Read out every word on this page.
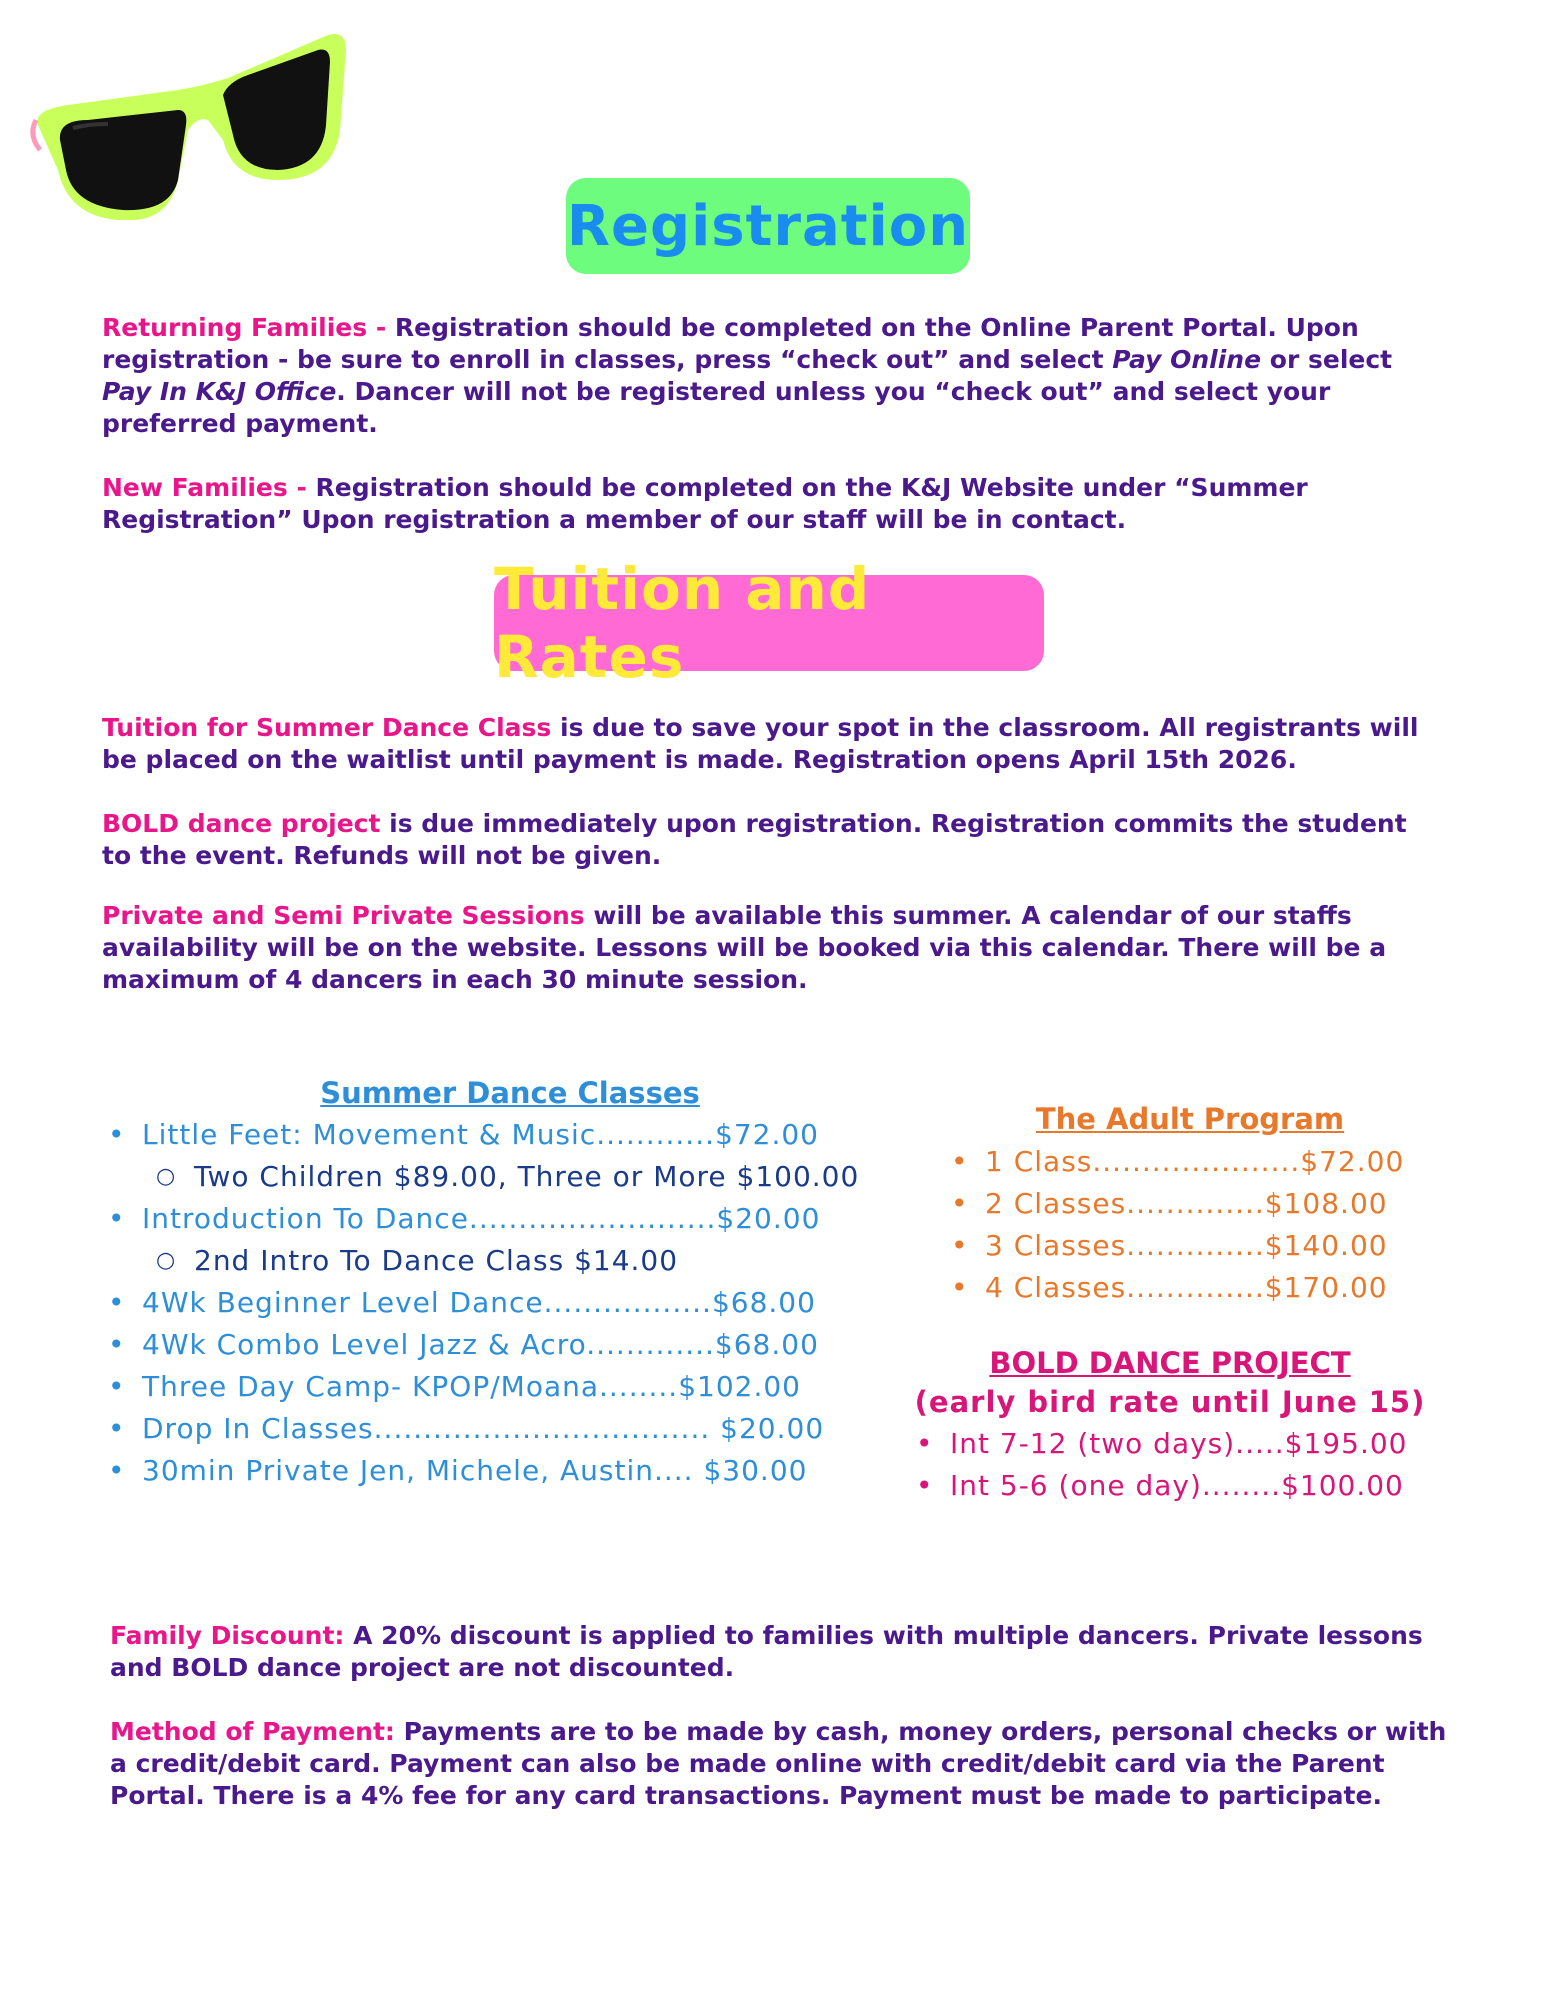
Registration
Returning Families - Registration should be completed on the Online Parent Portal. Upon registration - be sure to enroll in classes, press “check out” and select Pay Online or select Pay In K&J Office. Dancer will not be registered unless you “check out” and select your preferred payment.
New Families - Registration should be completed on the K&J Website under “Summer Registration” Upon registration a member of our staff will be in contact.
Tuition and Rates
Tuition for Summer Dance Class is due to save your spot in the classroom. All registrants will be placed on the waitlist until payment is made. Registration opens April 15th 2026.
BOLD dance project is due immediately upon registration. Registration commits the student to the event. Refunds will not be given.
Private and Semi Private Sessions will be available this summer. A calendar of our staffs availability will be on the website. Lessons will be booked via this calendar. There will be a maximum of 4 dancers in each 30 minute session.
Summer Dance Classes
• Little Feet: Movement & Music............$72.00
○ Two Children $89.00, Three or More $100.00
• Introduction To Dance.........................$20.00
○ 2nd Intro To Dance Class $14.00
• 4Wk Beginner Level Dance.................$68.00
• 4Wk Combo Level Jazz & Acro.............$68.00
• Three Day Camp- KPOP/Moana........$102.00
• Drop In Classes.................................. $20.00
• 30min Private Jen, Michele, Austin.... $30.00
The Adult Program
• 1 Class.....................$72.00
• 2 Classes..............$108.00
• 3 Classes..............$140.00
• 4 Classes..............$170.00
BOLD DANCE PROJECT
(early bird rate until June 15)
• Int 7-12 (two days).....$195.00
• Int 5-6 (one day)........$100.00
Family Discount: A 20% discount is applied to families with multiple dancers. Private lessons and BOLD dance project are not discounted.
Method of Payment: Payments are to be made by cash, money orders, personal checks or with a credit/debit card. Payment can also be made online with credit/debit card via the Parent Portal. There is a 4% fee for any card transactions. Payment must be made to participate.
